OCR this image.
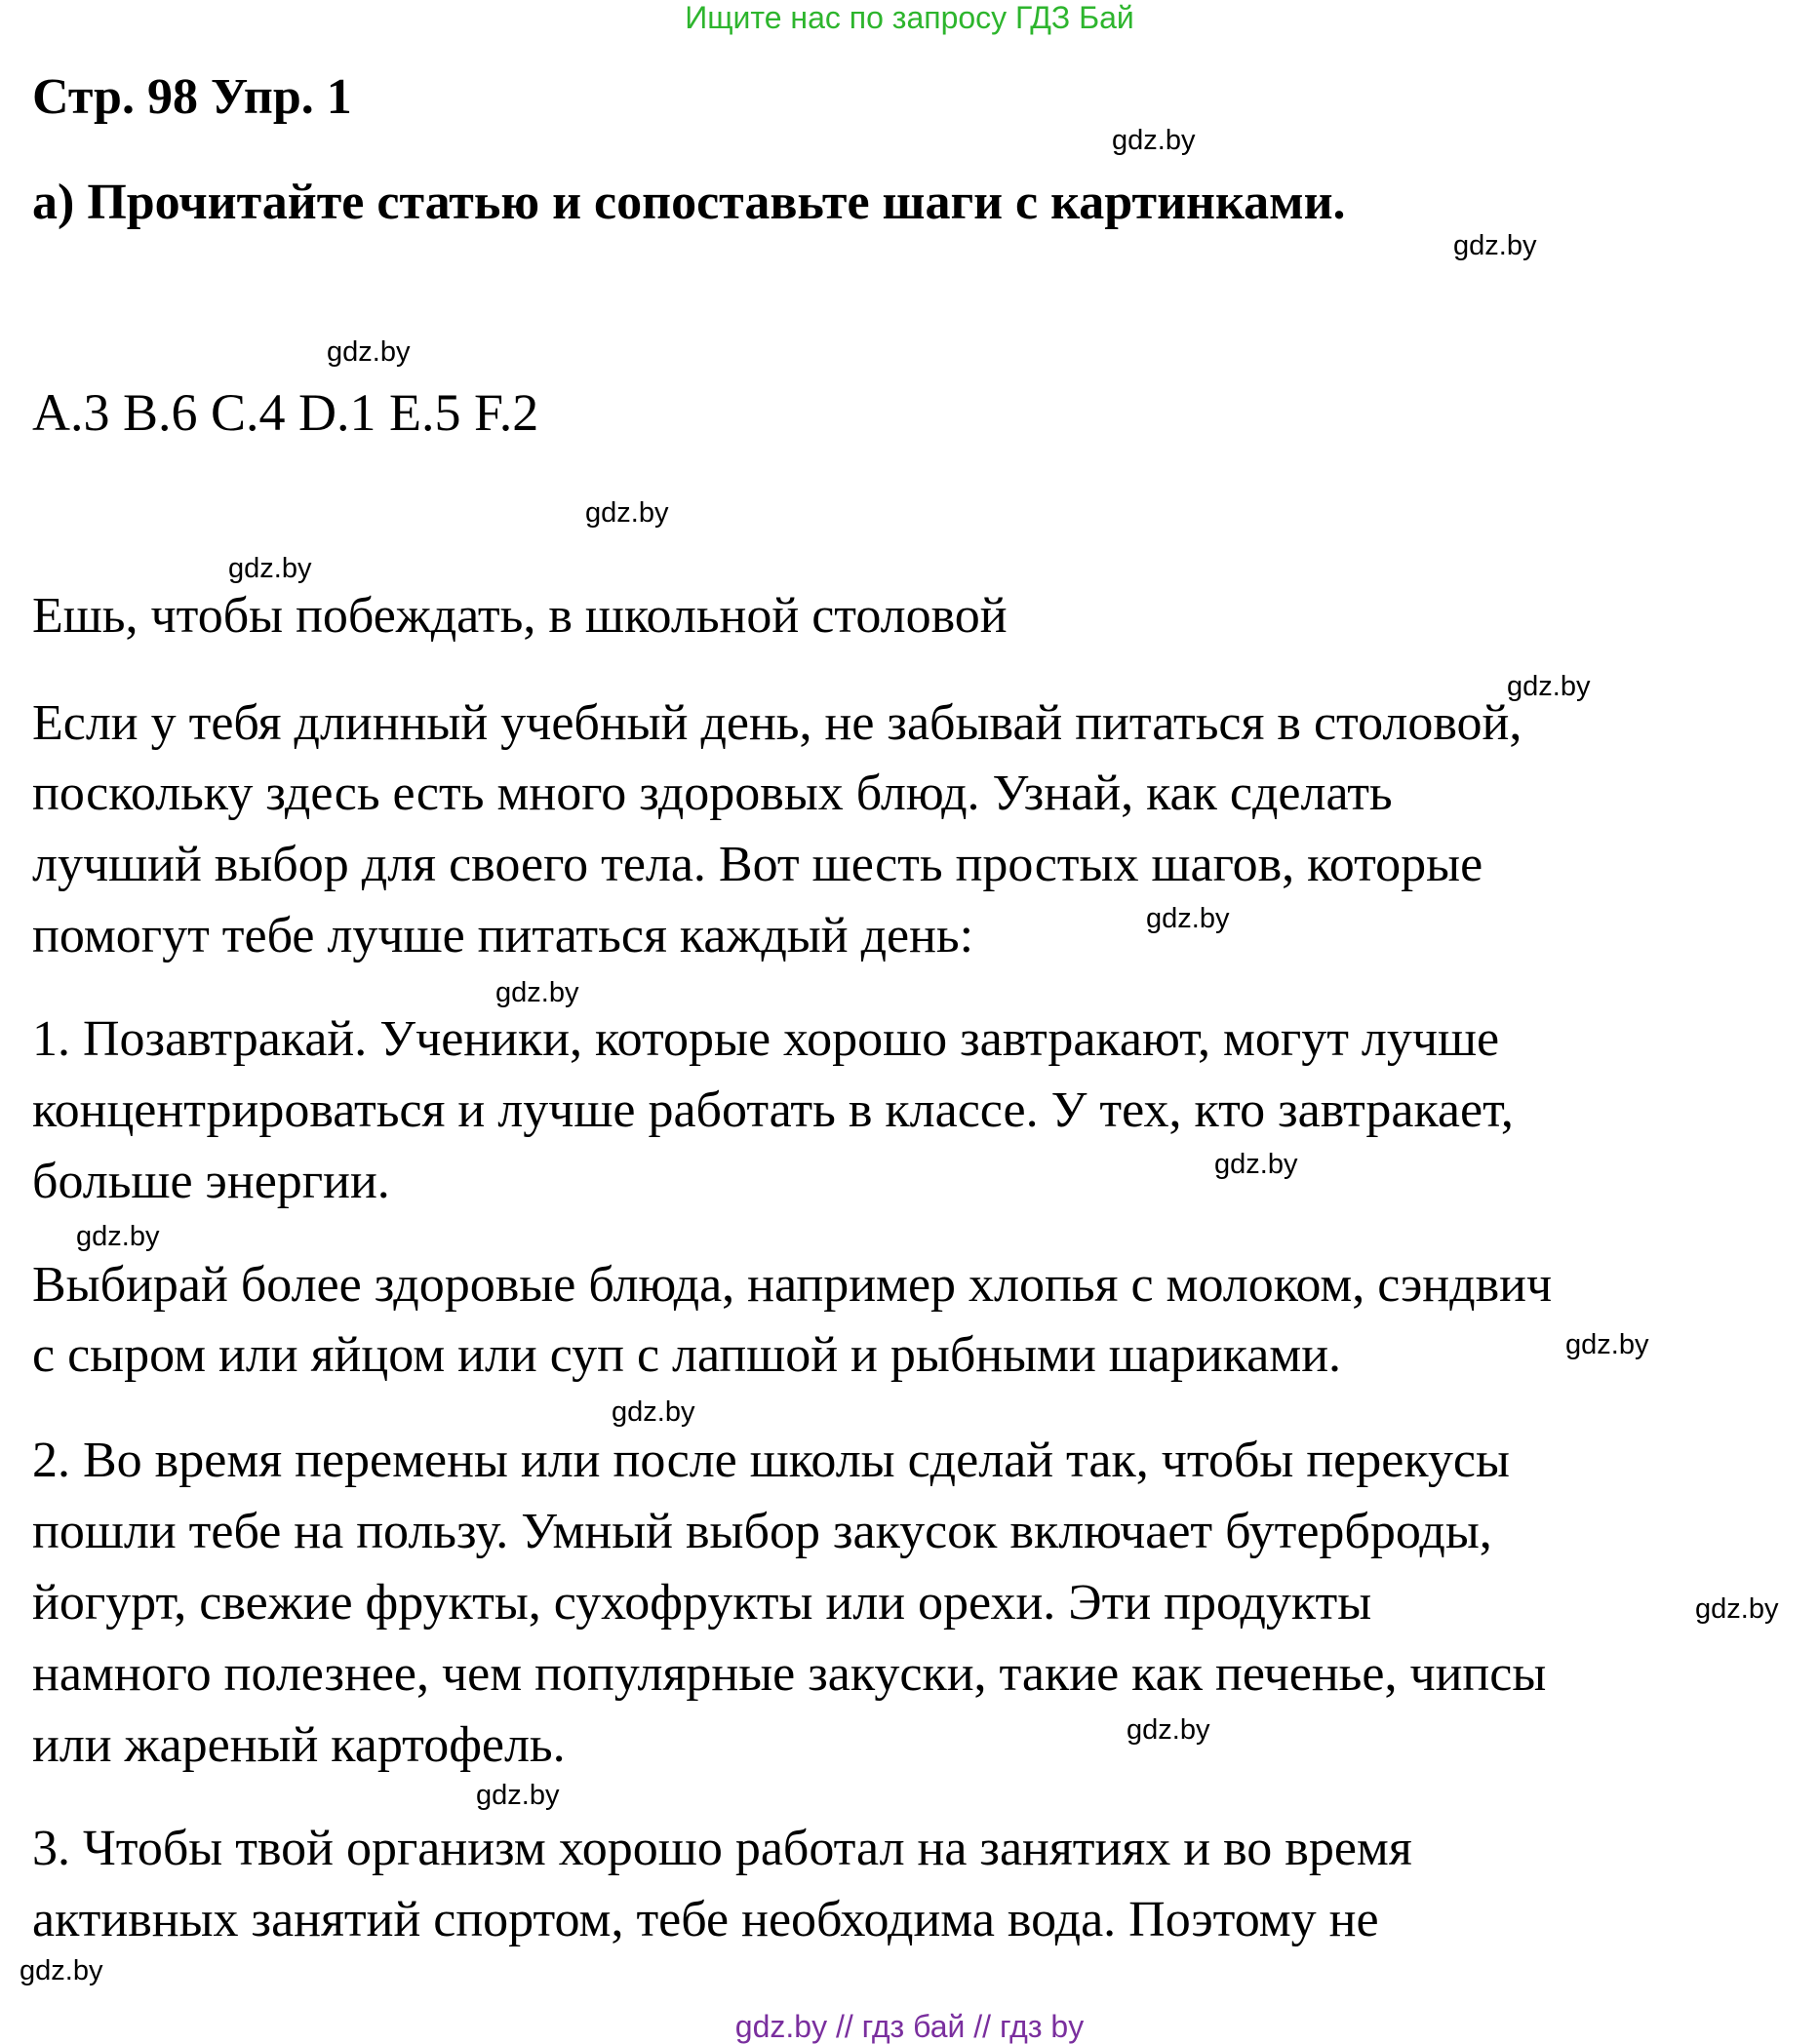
Ищите нас по запросу ГДЗ Бай
Стр. 98 Упр. 1
a) Прочитайте статью и сопоставьте шаги с картинками.
A.3 B.6 C.4 D.1 E.5 F.2
Ешь, чтобы побеждать, в школьной столовой
Если у тебя длинный учебный день, не забывай питаться в столовой,
поскольку здесь есть много здоровых блюд. Узнай, как сделать
лучший выбор для своего тела. Вот шесть простых шагов, которые
помогут тебе лучше питаться каждый день:
1. Позавтракай. Ученики, которые хорошо завтракают, могут лучше
концентрироваться и лучше работать в классе. У тех, кто завтракает,
больше энергии.
Выбирай более здоровые блюда, например хлопья с молоком, сэндвич
с сыром или яйцом или суп с лапшой и рыбными шариками.
2. Во время перемены или после школы сделай так, чтобы перекусы
пошли тебе на пользу. Умный выбор закусок включает бутерброды,
йогурт, свежие фрукты, сухофрукты или орехи. Эти продукты
намного полезнее, чем популярные закуски, такие как печенье, чипсы
или жареный картофель.
3. Чтобы твой организм хорошо работал на занятиях и во время
активных занятий спортом, тебе необходима вода. Поэтому не
gdz.by
gdz.by
gdz.by
gdz.by
gdz.by
gdz.by
gdz.by
gdz.by
gdz.by
gdz.by
gdz.by
gdz.by
gdz.by
gdz.by
gdz.by
gdz.by
gdz.by // гдз бай // гдз by
